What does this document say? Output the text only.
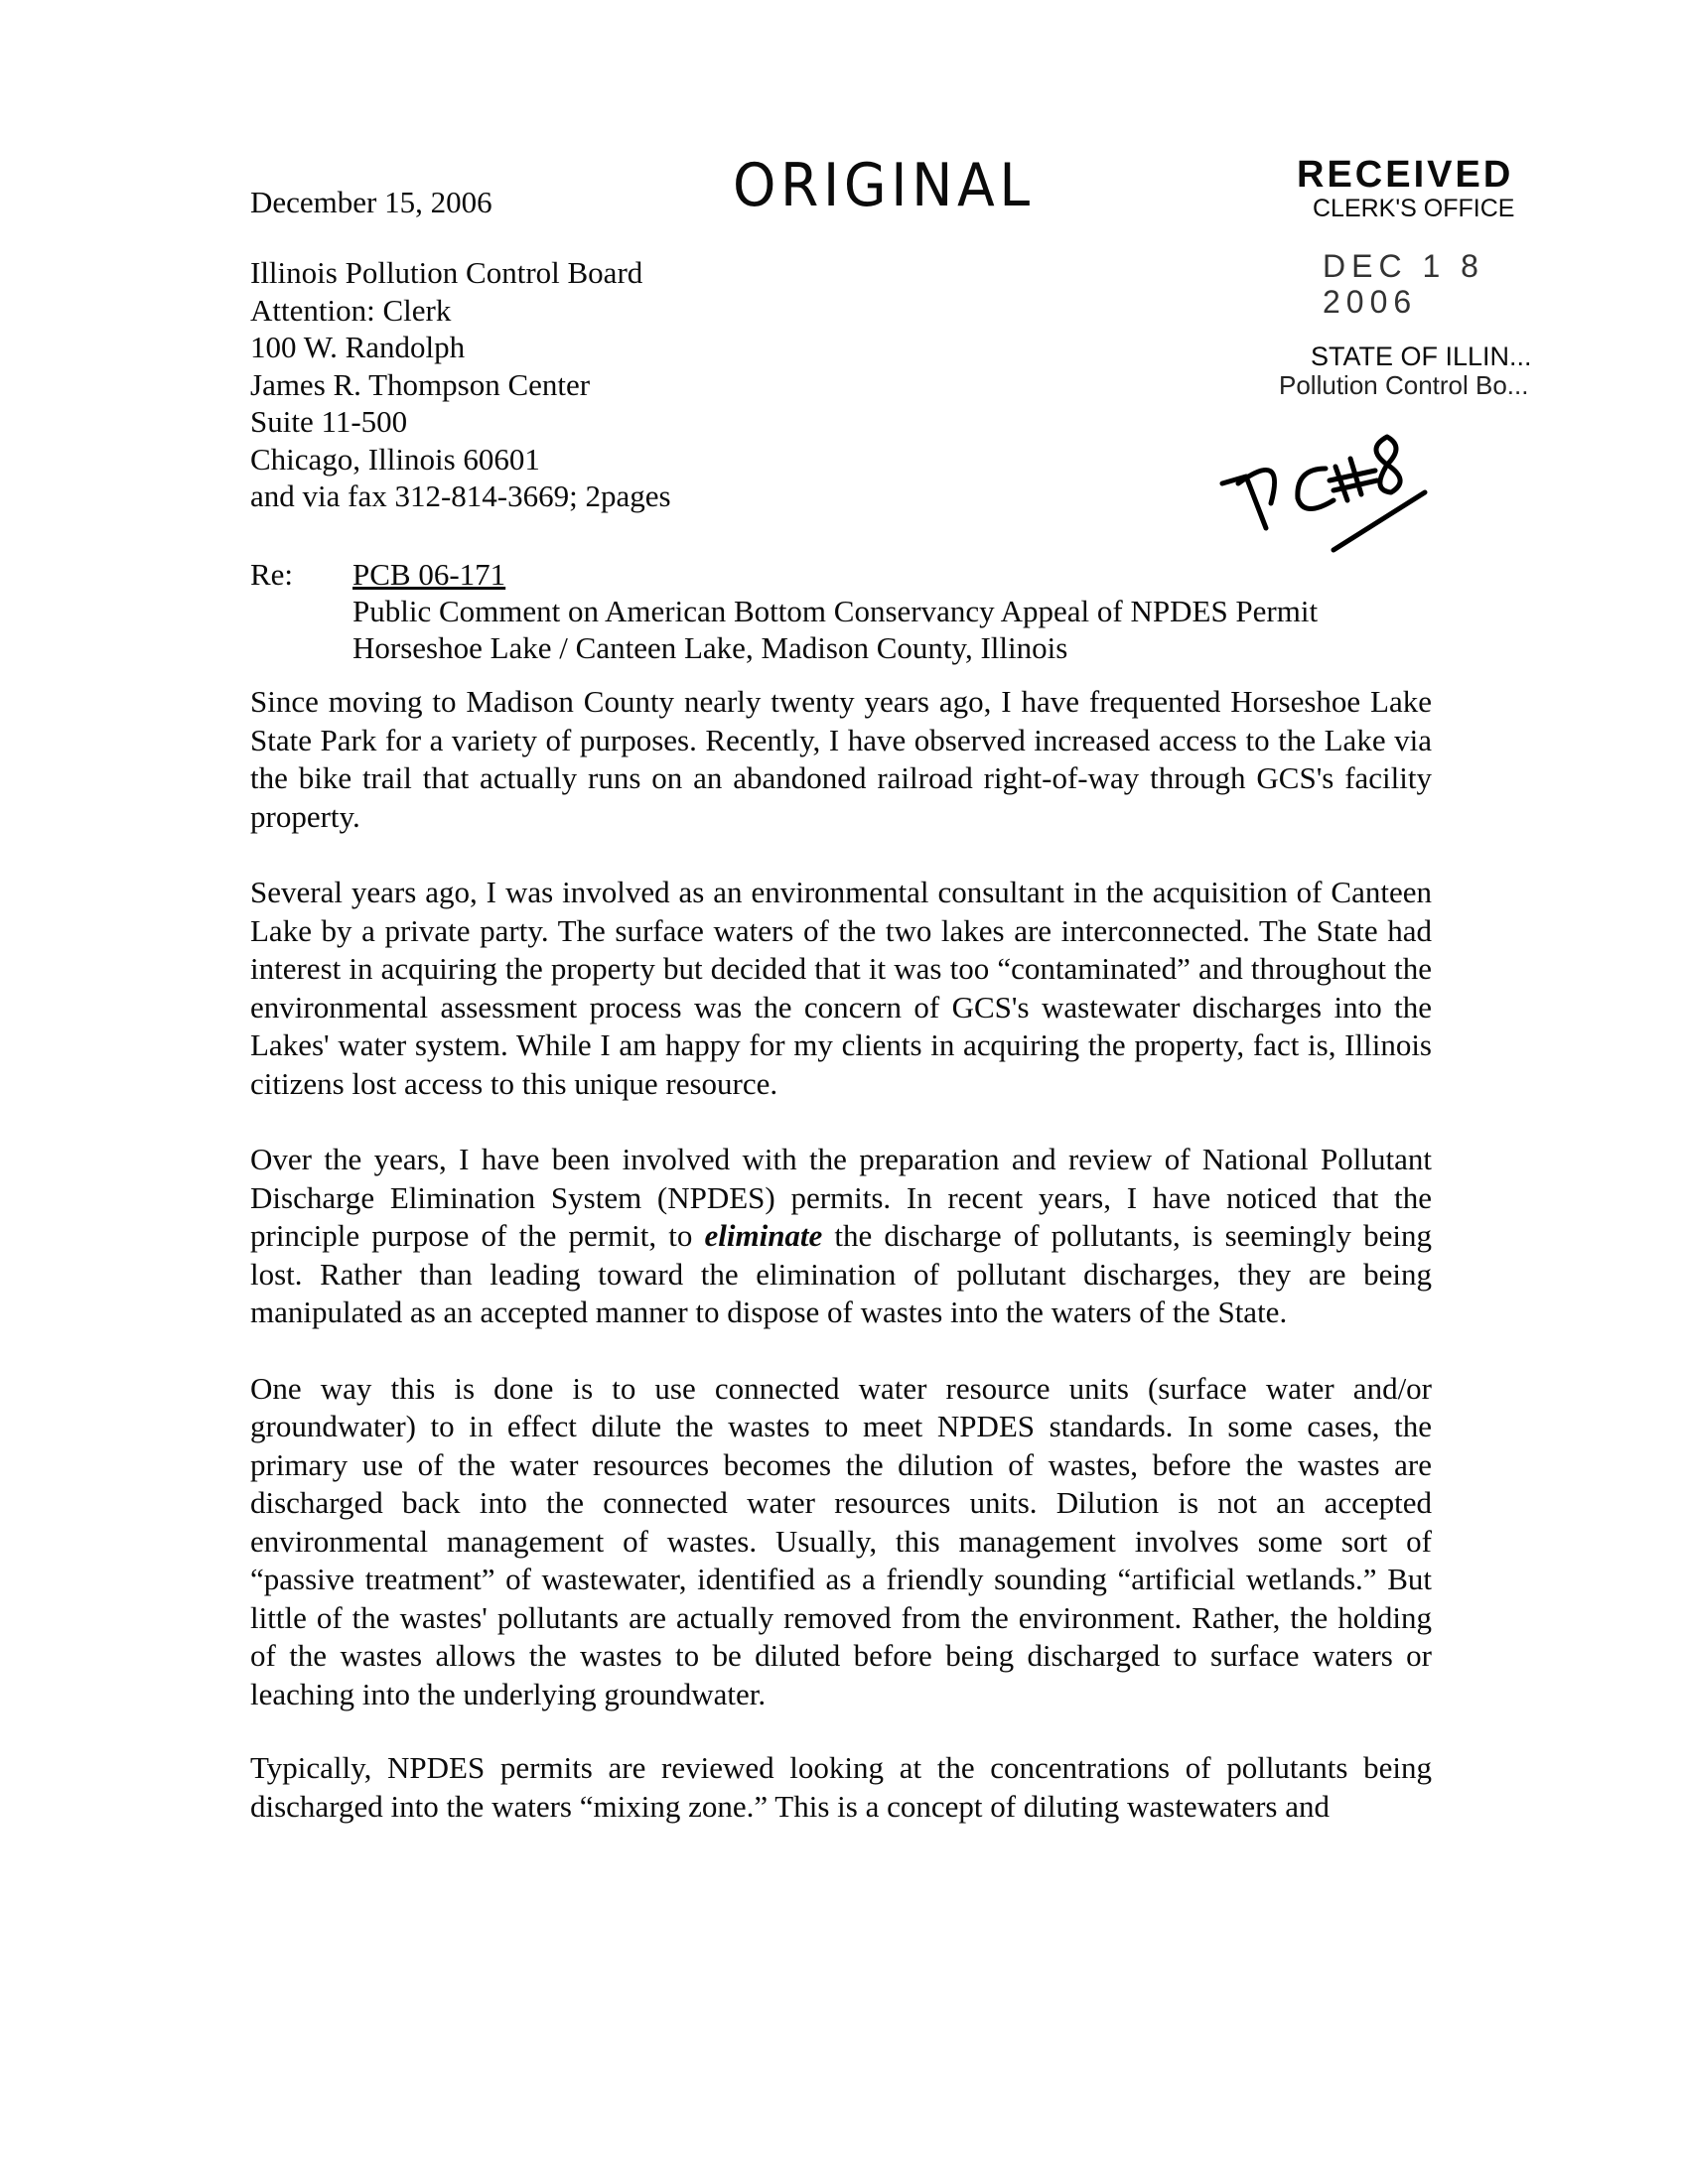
December 15, 2006	ORIGINAL	RECEIVED
CLERK'S OFFICE
DEC 1 8 2006
STATE OF ILLIN...
Pollution Control Bo...
Illinois Pollution Control Board
Attention: Clerk
100 W. Randolph
James R. Thompson Center
Suite 11-500
Chicago, Illinois 60601
and via fax 312-814-3669; 2pages
Re: PCB 06-171
Public Comment on American Bottom Conservancy Appeal of NPDES Permit
Horseshoe Lake / Canteen Lake, Madison County, Illinois

Since moving to Madison County nearly twenty years ago, I have frequented Horseshoe Lake State Park for a variety of purposes. Recently, I have observed increased access to the Lake via the bike trail that actually runs on an abandoned railroad right-of-way through GCS's facility property.

Several years ago, I was involved as an environmental consultant in the acquisition of Canteen Lake by a private party. The surface waters of the two lakes are interconnected. The State had interest in acquiring the property but decided that it was too “contaminated” and throughout the environmental assessment process was the concern of GCS's wastewater discharges into the Lakes' water system. While I am happy for my clients in acquiring the property, fact is, Illinois citizens lost access to this unique resource.

Over the years, I have been involved with the preparation and review of National Pollutant Discharge Elimination System (NPDES) permits. In recent years, I have noticed that the principle purpose of the permit, to eliminate the discharge of pollutants, is seemingly being lost. Rather than leading toward the elimination of pollutant discharges, they are being manipulated as an accepted manner to dispose of wastes into the waters of the State.

One way this is done is to use connected water resource units (surface water and/or groundwater) to in effect dilute the wastes to meet NPDES standards. In some cases, the primary use of the water resources becomes the dilution of wastes, before the wastes are discharged back into the connected water resources units. Dilution is not an accepted environmental management of wastes. Usually, this management involves some sort of “passive treatment” of wastewater, identified as a friendly sounding “artificial wetlands.” But little of the wastes' pollutants are actually removed from the environment. Rather, the holding of the wastes allows the wastes to be diluted before being discharged to surface waters or leaching into the underlying groundwater.

Typically, NPDES permits are reviewed looking at the concentrations of pollutants being discharged into the waters “mixing zone.” This is a concept of diluting wastewaters and
